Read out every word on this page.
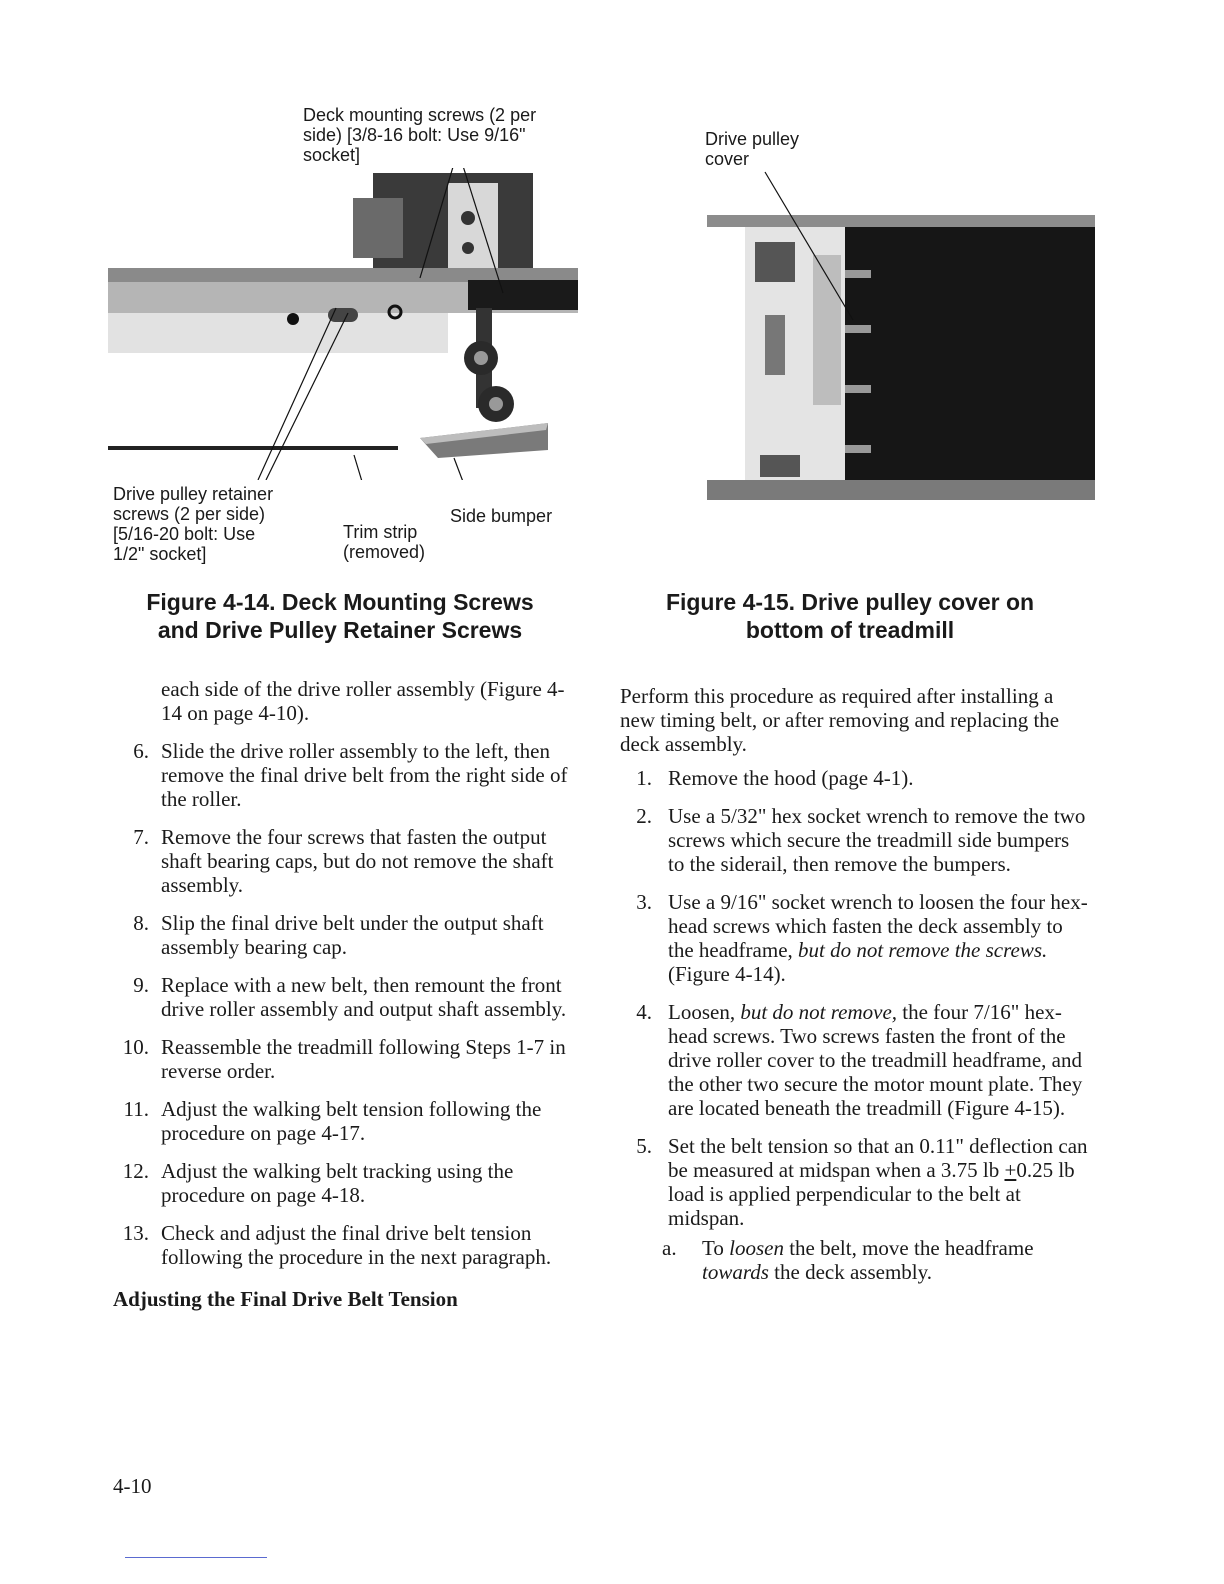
Deck mounting screws (2 per
side) [3/8-16 bolt: Use 9/16"
socket]
Drive pulley retainer
screws (2 per side)
[5/16-20 bolt: Use
1/2" socket]
Trim strip
(removed)
Side bumper
Figure 4-14. Deck Mounting Screws
and Drive Pulley Retainer Screws
Drive pulley
cover
Figure 4-15. Drive pulley cover on
bottom of treadmill
each side of the drive roller assembly (Figure 4-14 on page 4-10).
6. Slide the drive roller assembly to the left, then remove the final drive belt from the right side of the roller.
7. Remove the four screws that fasten the output shaft bearing caps, but do not remove the shaft assembly.
8. Slip the final drive belt under the output shaft assembly bearing cap.
9. Replace with a new belt, then remount the front drive roller assembly and output shaft assembly.
10. Reassemble the treadmill following Steps 1-7 in reverse order.
11. Adjust the walking belt tension following the procedure on page 4-17.
12. Adjust the walking belt tracking using the procedure on page 4-18.
13. Check and adjust the final drive belt tension following the procedure in the next paragraph.
Adjusting the Final Drive Belt Tension
Perform this procedure as required after installing a new timing belt, or after removing and replacing the deck assembly.
1. Remove the hood (page 4-1).
2. Use a 5/32" hex socket wrench to remove the two screws which secure the treadmill side bumpers to the siderail, then remove the bumpers.
3. Use a 9/16" socket wrench to loosen the four hex-head screws which fasten the deck assembly to the headframe, but do not remove the screws. (Figure 4-14).
4. Loosen, but do not remove, the four 7/16" hex-head screws. Two screws fasten the front of the drive roller cover to the treadmill headframe, and the other two secure the motor mount plate. They are located beneath the treadmill (Figure 4-15).
5. Set the belt tension so that an 0.11" deflection can be measured at midspan when a 3.75 lb +0.25 lb load is applied perpendicular to the belt at midspan.
a.	To loosen the belt, move the headframe towards the deck assembly.
4-10
